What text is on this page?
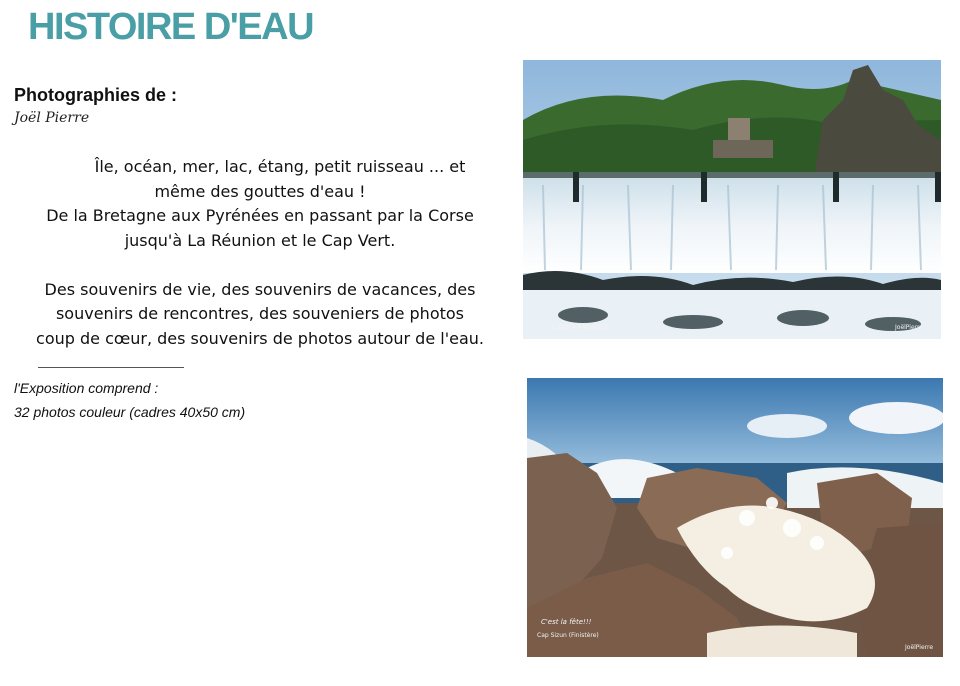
HISTOIRE D'EAU
Photographies de :
Joël Pierre

Île, océan, mer, lac, étang, petit ruisseau ... et
même des gouttes d'eau !
De la Bretagne aux Pyrénées en passant par la Corse
jusqu'à La Réunion et le Cap Vert.

Des souvenirs de vie, des souvenirs de vacances, des
souvenirs de rencontres, des souveniers de photos
coup de cœur, des souvenirs de photos autour de l'eau.

l'Exposition comprend :
32 photos couleur (cadres 40x50 cm)
Le Tarn à AMBIALET	JoëlPierre
C'est la fête!!!
Cap Sizun (Finistère)
JoëlPierre
